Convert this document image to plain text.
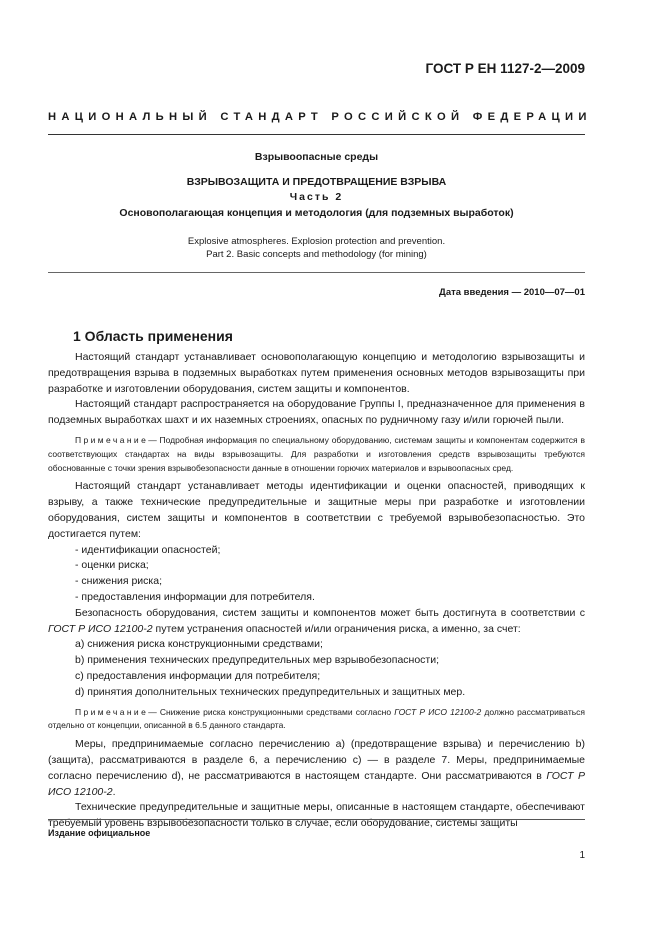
ГОСТ Р ЕН 1127-2—2009
НАЦИОНАЛЬНЫЙ СТАНДАРТ РОССИЙСКОЙ ФЕДЕРАЦИИ
Взрывоопасные среды
ВЗРЫВОЗАЩИТА И ПРЕДОТВРАЩЕНИЕ ВЗРЫВА
Часть 2
Основополагающая концепция и методология (для подземных выработок)
Explosive atmospheres. Explosion protection and prevention.
Part 2. Basic concepts and methodology (for mining)
Дата введения — 2010—07—01
1 Область применения

Настоящий стандарт устанавливает основополагающую концепцию и методологию взрывозащиты и предотвращения взрыва в подземных выработках путем применения основных методов взрывозащиты при разработке и изготовлении оборудования, систем защиты и компонентов.

Настоящий стандарт распространяется на оборудование Группы I, предназначенное для применения в подземных выработках шахт и их наземных строениях, опасных по рудничному газу и/или горючей пыли.

Примечание— Подробная информация по специальному оборудованию, системам защиты и компонентам содержится в соответствующих стандартах на виды взрывозащиты. Для разработки и изготовления средств взрывозащиты требуются обоснованные с точки зрения взрывобезопасности данные в отношении горючих материалов и взрывоопасных сред.

Настоящий стандарт устанавливает методы идентификации и оценки опасностей, приводящих к взрыву, а также технические предупредительные и защитные меры при разработке и изготовлении оборудования, систем защиты и компонентов в соответствии с требуемой взрывобезопасностью. Это достигается путем:

- идентификации опасностей;

- оценки риска;

- снижения риска;

- предоставления информации для потребителя.

Безопасность оборудования, систем защиты и компонентов может быть достигнута в соответствии с ГОСТ Р ИСО 12100-2 путем устранения опасностей и/или ограничения риска, а именно, за счет:

a) снижения риска конструкционными средствами;

b) применения технических предупредительных мер взрывобезопасности;

c) предоставления информации для потребителя;

d) принятия дополнительных технических предупредительных и защитных мер.

Примечание— Снижение риска конструкционными средствами согласно ГОСТ Р ИСО 12100-2 должно рассматриваться отдельно от концепции, описанной в 6.5 данного стандарта.

Меры, предпринимаемые согласно перечислению a) (предотвращение взрыва) и перечислению b) (защита), рассматриваются в разделе 6, а перечислению c) — в разделе 7. Меры, предпринимаемые согласно перечислению d), не рассматриваются в настоящем стандарте. Они рассматриваются в ГОСТ Р ИСО 12100-2.

Технические предупредительные и защитные меры, описанные в настоящем стандарте, обеспечивают требуемый уровень взрывобезопасности только в случае, если оборудование, системы защиты

Издание официальное
1
